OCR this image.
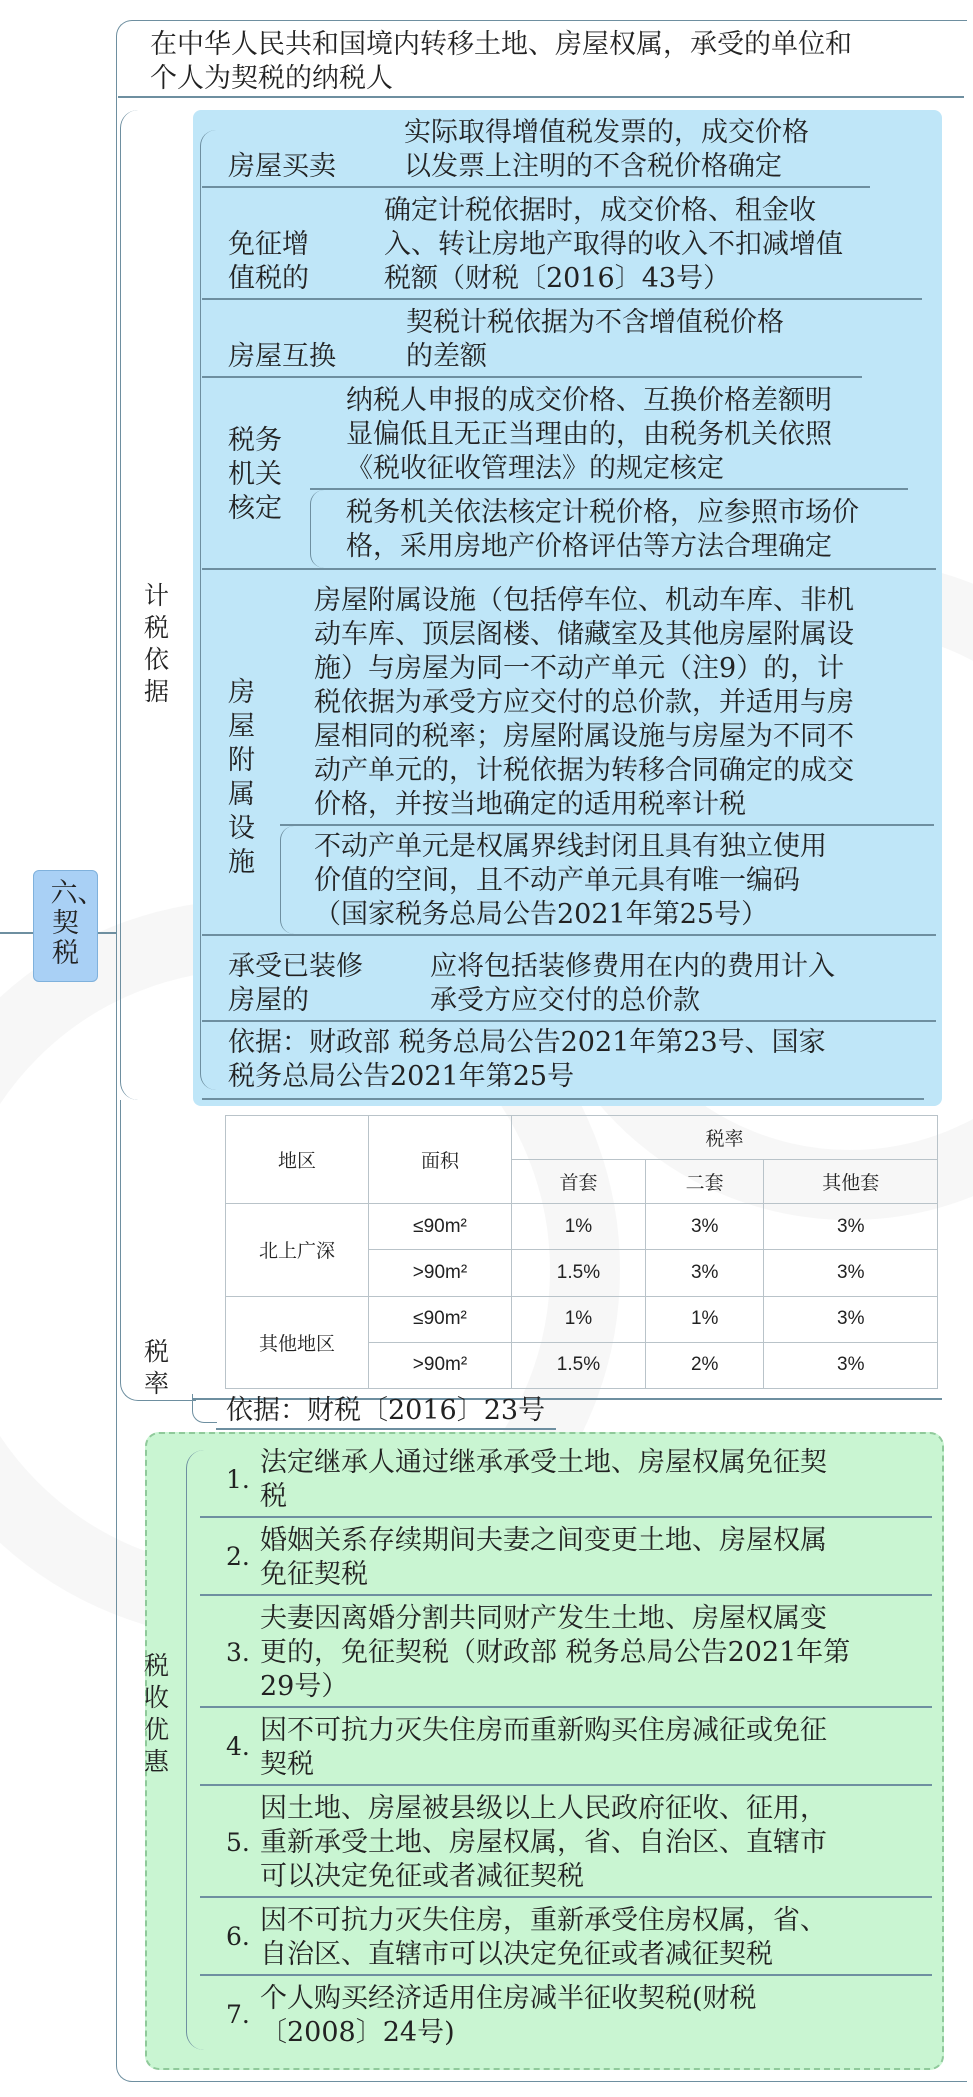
六、契税
在中华人民共和国境内转移土地、房屋权属，承受的单位和
个人为契税的纳税人
计税依据
房屋买卖
实际取得增值税发票的，成交价格
以发票上注明的不含税价格确定
免征增
值税的
确定计税依据时，成交价格、租金收
入、转让房地产取得的收入不扣减增值
税额（财税〔2016〕43号）
房屋互换
契税计税依据为不含增值税价格
的差额
税务
机关
核定
纳税人申报的成交价格、互换价格差额明
显偏低且无正当理由的，由税务机关依照
《税收征收管理法》的规定核定
税务机关依法核定计税价格，应参照市场价
格，采用房地产价格评估等方法合理确定
房
屋
附
属
设
施
房屋附属设施（包括停车位、机动车库、非机
动车库、顶层阁楼、储藏室及其他房屋附属设
施）与房屋为同一不动产单元（注9）的，计
税依据为承受方应交付的总价款，并适用与房
屋相同的税率；房屋附属设施与房屋为不同不
动产单元的，计税依据为转移合同确定的成交
价格，并按当地确定的适用税率计税
不动产单元是权属界线封闭且具有独立使用
价值的空间，且不动产单元具有唯一编码
（国家税务总局公告2021年第25号）
承受已装修
房屋的
应将包括装修费用在内的费用计入
承受方应交付的总价款
依据：财政部 税务总局公告2021年第23号、国家
税务总局公告2021年第25号
税率
地区	面积	税率		
		首套	二套	其他套
北上广深	≤90m²	1%	3%	3%
	>90m²	1.5%	3%	3%
其他地区	≤90m²	1%	1%	3%
	>90m²	1.5%	2%	3%
依据：财税〔2016〕23号
税收优惠
1.
法定继承人通过继承承受土地、房屋权属免征契
税
2.
婚姻关系存续期间夫妻之间变更土地、房屋权属
免征契税
3.
夫妻因离婚分割共同财产发生土地、房屋权属变
更的，免征契税（财政部 税务总局公告2021年第
29号）
4.
因不可抗力灭失住房而重新购买住房减征或免征
契税
5.
因土地、房屋被县级以上人民政府征收、征用，
重新承受土地、房屋权属，省、自治区、直辖市
可以决定免征或者减征契税
6.
因不可抗力灭失住房，重新承受住房权属，省、
自治区、直辖市可以决定免征或者减征契税
7.
个人购买经济适用住房减半征收契税(财税
〔2008〕24号)
